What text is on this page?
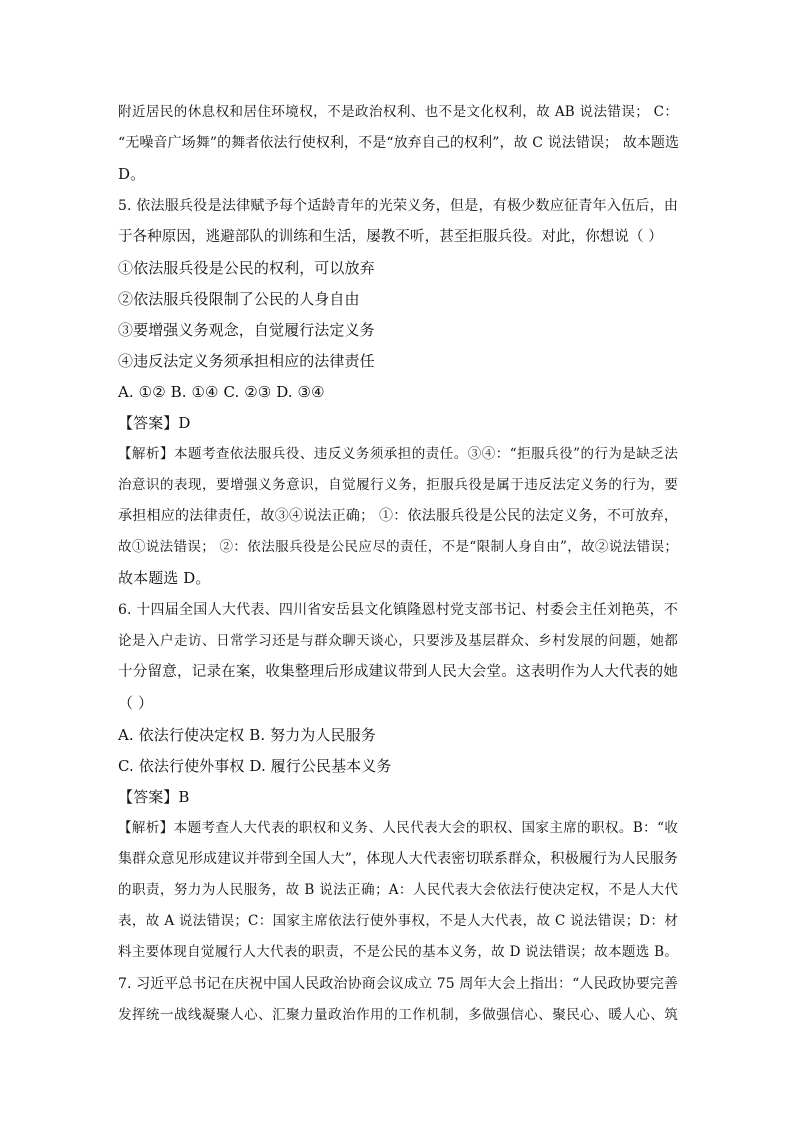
附近居民的休息权和居住环境权，不是政治权利、也不是文化权利，故 AB 说法错误； C：
“无噪音广场舞”的舞者依法行使权利，不是“放弃自己的权利”，故 C 说法错误； 故本题选
D。
5. 依法服兵役是法律赋予每个适龄青年的光荣义务，但是，有极少数应征青年入伍后，由
于各种原因，逃避部队的训练和生活，屡教不听，甚至拒服兵役。对此，你想说（ ）
①依法服兵役是公民的权利，可以放弃
②依法服兵役限制了公民的人身自由
③要增强义务观念，自觉履行法定义务
④违反法定义务须承担相应的法律责任
A. ①② B. ①④ C. ②③ D. ③④
【答案】D
【解析】本题考查依法服兵役、违反义务须承担的责任。③④：“拒服兵役”的行为是缺乏法
治意识的表现，要增强义务意识，自觉履行义务，拒服兵役是属于违反法定义务的行为，要
承担相应的法律责任，故③④说法正确； ①：依法服兵役是公民的法定义务，不可放弃，
故①说法错误； ②：依法服兵役是公民应尽的责任，不是“限制人身自由”，故②说法错误；
故本题选 D。
6. 十四届全国人大代表、四川省安岳县文化镇隆恩村党支部书记、村委会主任刘艳英，不
论是入户走访、日常学习还是与群众聊天谈心，只要涉及基层群众、乡村发展的问题，她都
十分留意，记录在案，收集整理后形成建议带到人民大会堂。这表明作为人大代表的她
（ ）
A. 依法行使决定权 B. 努力为人民服务
C. 依法行使外事权 D. 履行公民基本义务
【答案】B
【解析】本题考查人大代表的职权和义务、人民代表大会的职权、国家主席的职权。B：“收
集群众意见形成建议并带到全国人大”，体现人大代表密切联系群众，积极履行为人民服务
的职责，努力为人民服务，故 B 说法正确；A：人民代表大会依法行使决定权，不是人大代
表，故 A 说法错误；C：国家主席依法行使外事权，不是人大代表，故 C 说法错误；D：材
料主要体现自觉履行人大代表的职责，不是公民的基本义务，故 D 说法错误；故本题选 B。
7. 习近平总书记在庆祝中国人民政治协商会议成立 75 周年大会上指出：“人民政协要完善
发挥统一战线凝聚人心、汇聚力量政治作用的工作机制，多做强信心、聚民心、暖人心、筑
